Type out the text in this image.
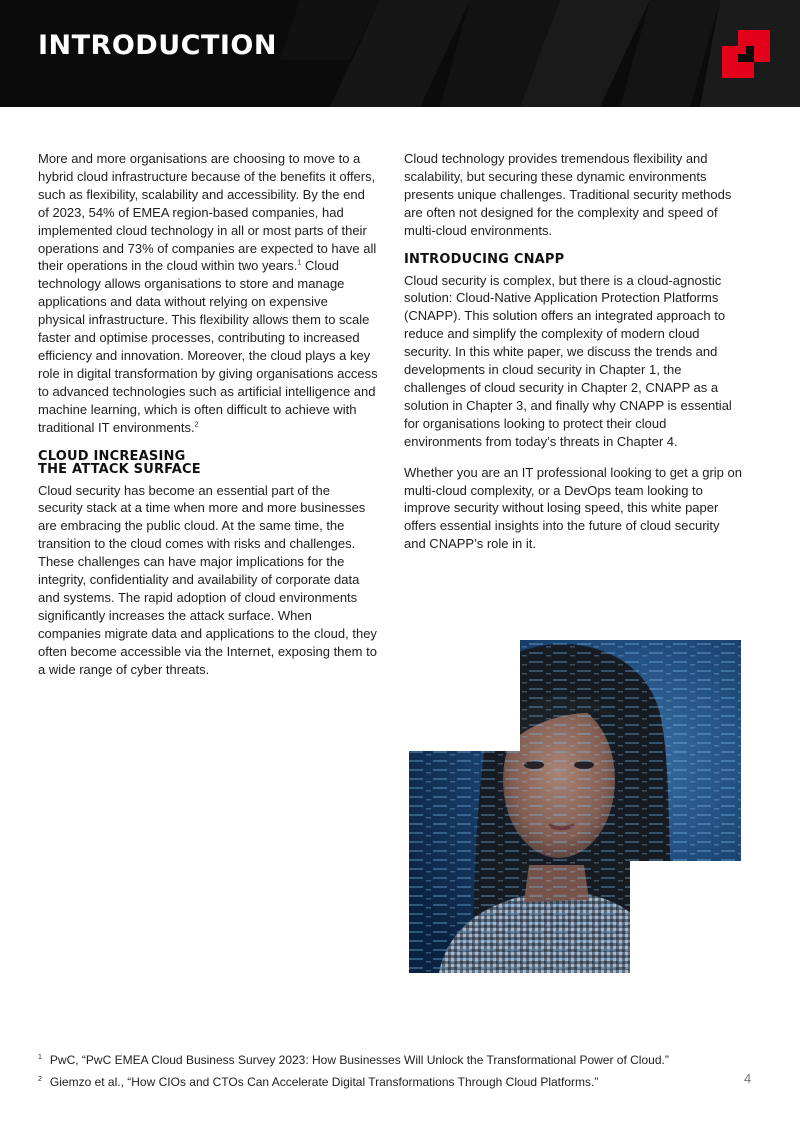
INTRODUCTION

More and more organisations are choosing to move to a hybrid cloud infrastructure because of the benefits it offers, such as flexibility, scalability and accessibility. By the end of 2023, 54% of EMEA region-based companies, had implemented cloud technology in all or most parts of their operations and 73% of companies are expected to have all their operations in the cloud within two years.$^1$ Cloud technology allows organisations to store and manage applications and data without relying on expensive physical infrastructure. This flexibility allows them to scale faster and optimise processes, contributing to increased efficiency and innovation. Moreover, the cloud plays a key role in digital transformation by giving organisations access to advanced technologies such as artificial intelligence and machine learning, which is often difficult to achieve with traditional IT environments.$^2$

CLOUD INCREASING
THE ATTACK SURFACE

Cloud security has become an essential part of the security stack at a time when more and more businesses are embracing the public cloud. At the same time, the transition to the cloud comes with risks and challenges. These challenges can have major implications for the integrity, confidentiality and availability of corporate data and systems. The rapid adoption of cloud environments significantly increases the attack surface. When companies migrate data and applications to the cloud, they often become accessible via the Internet, exposing them to a wide range of cyber threats.

Cloud technology provides tremendous flexibility and scalability, but securing these dynamic environments presents unique challenges. Traditional security methods are often not designed for the complexity and speed of multi-cloud environments.

INTRODUCING CNAPP

Cloud security is complex, but there is a cloud-agnostic solution: Cloud-Native Application Protection Platforms (CNAPP). This solution offers an integrated approach to reduce and simplify the complexity of modern cloud security. In this white paper, we discuss the trends and developments in cloud security in Chapter 1, the challenges of cloud security in Chapter 2, CNAPP as a solution in Chapter 3, and finally why CNAPP is essential for organisations looking to protect their cloud environments from today’s threats in Chapter 4.

Whether you are an IT professional looking to get a grip on multi-cloud complexity, or a DevOps team looking to improve security without losing speed, this white paper offers essential insights into the future of cloud security and CNAPP’s role in it.

$^1$ PwC, “PwC EMEA Cloud Business Survey 2023: How Businesses Will Unlock the Transformational Power of Cloud.”

$^2$ Giemzo et al., “How CIOs and CTOs Can Accelerate Digital Transformations Through Cloud Platforms.”	4
